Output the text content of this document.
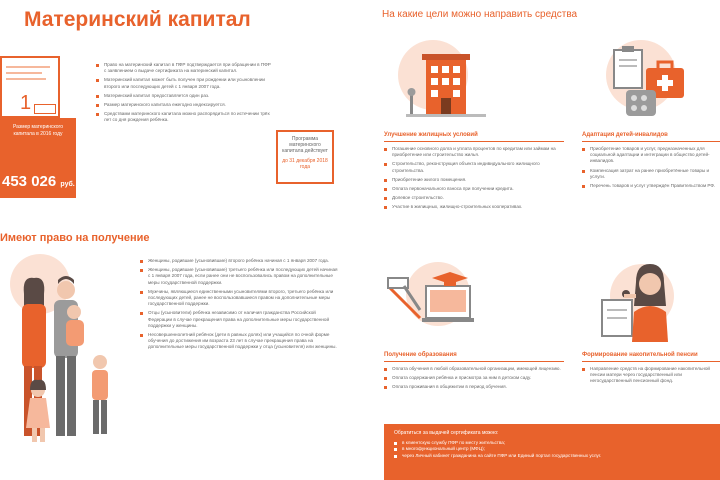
Материнский капитал
1
Размер материнского капитала в 2016 году
453 026 руб.
Право на материнский капитал в ПФР подтверждается при обращении в ПФР с заявлением о выдаче сертификата на материнский капитал.
Материнский капитал может быть получен при рождении или усыновлении второго или последующих детей с 1 января 2007 года.
Материнский капитал предоставляется один раз.
Размер материнского капитала ежегодно индексируется.
Средствами материнского капитала можно распорядиться по истечении трёх лет со дня рождения ребёнка.
Программа материнского капитала действует
до 31 декабря 2018 года
Имеют право на получение
Женщины, родившие (усыновившие) второго ребёнка начиная с 1 января 2007 года.
Женщины, родившие (усыновившие) третьего ребёнка или последующих детей начиная с 1 января 2007 года, если ранее они не воспользовались правом на дополнительные меры государственной поддержки.
Мужчины, являющиеся единственными усыновителями второго, третьего ребёнка или последующих детей, ранее не воспользовавшиеся правом на дополнительные меры государственной поддержки.
Отцы (усыновители) ребёнка независимо от наличия гражданства Российской Федерации в случае прекращения права на дополнительные меры государственной поддержки у женщины.
Несовершеннолетний ребёнок (дети в равных долях) или учащийся по очной форме обучения до достижения им возраста 23 лет в случае прекращения права на дополнительные меры государственной поддержки у отца (усыновителя) или женщины.
На какие цели можно направить средства
Улучшение жилищных условий
Погашение основного долга и уплата процентов по кредитам или займам на приобретение или строительство жилья.
Строительство, реконструкция объекта индивидуального жилищного строительства.
Приобретение жилого помещения.
Оплата первоначального взноса при получении кредита.
Долевое строительство.
Участие в жилищных, жилищно-строительных кооперативах.
Адаптация детей-инвалидов
Приобретение товаров и услуг, предназначенных для социальной адаптации и интеграции в общество детей-инвалидов.
Компенсация затрат на ранее приобретённые товары и услуги.
Перечень товаров и услуг утверждён Правительством РФ.
Получение образования
Оплата обучения в любой образовательной организации, имеющей лицензию.
Оплата содержания ребёнка и присмотра за ним в детском саду.
Оплата проживания в общежитии в период обучения.
Формирование накопительной пенсии
Направление средств на формирование накопительной пенсии матери через государственный или негосударственный пенсионный фонд.
Обратиться за выдачей сертификата можно:
в клиентскую службу ПФР по месту жительства;
в многофункциональный центр (МФЦ);
через Личный кабинет гражданина на сайте ПФР или Единый портал государственных услуг.
